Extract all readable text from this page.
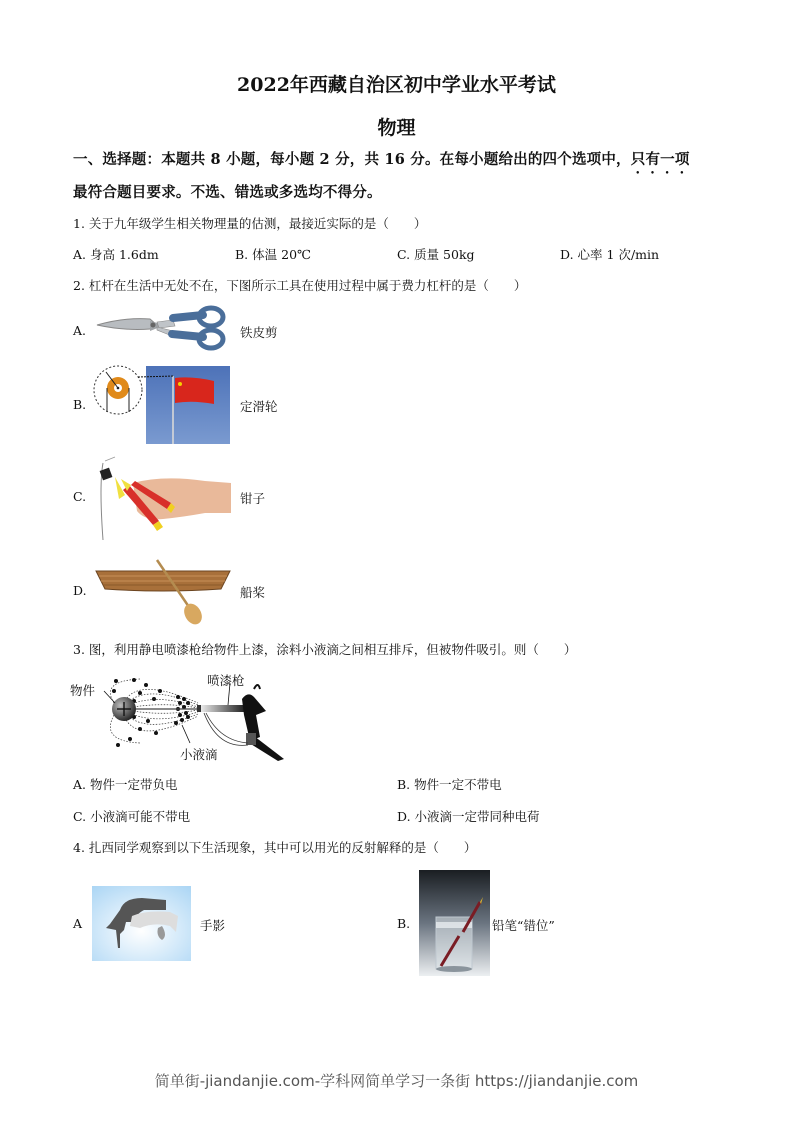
2022年西藏自治区初中学业水平考试
物理
一、选择题：本题共 8 小题，每小题 2 分，共 16 分。在每小题给出的四个选项中，只有一项
最符合题目要求。不选、错选或多选均不得分。
1. 关于九年级学生相关物理量的估测，最接近实际的是（　　）
A. 身高 1.6dm	B. 体温 20℃	C. 质量 50kg	D. 心率 1 次/min
2. 杠杆在生活中无处不在，下图所示工具在使用过程中属于费力杠杆的是（　　）
A.	铁皮剪
B.	定滑轮
C.	钳子
D.	船桨
3. 图，利用静电喷漆枪给物件上漆，涂料小液滴之间相互排斥，但被物件吸引。则（　　）
物件
喷漆枪
小液滴
A. 物件一定带负电	B. 物件一定不带电
C. 小液滴可能不带电	D. 小液滴一定带同种电荷
4. 扎西同学观察到以下生活现象，其中可以用光的反射解释的是（　　）
A	手影	B.	铅笔“错位”
简单街-jiandanjie.com-学科网简单学习一条街 https://jiandanjie.com
